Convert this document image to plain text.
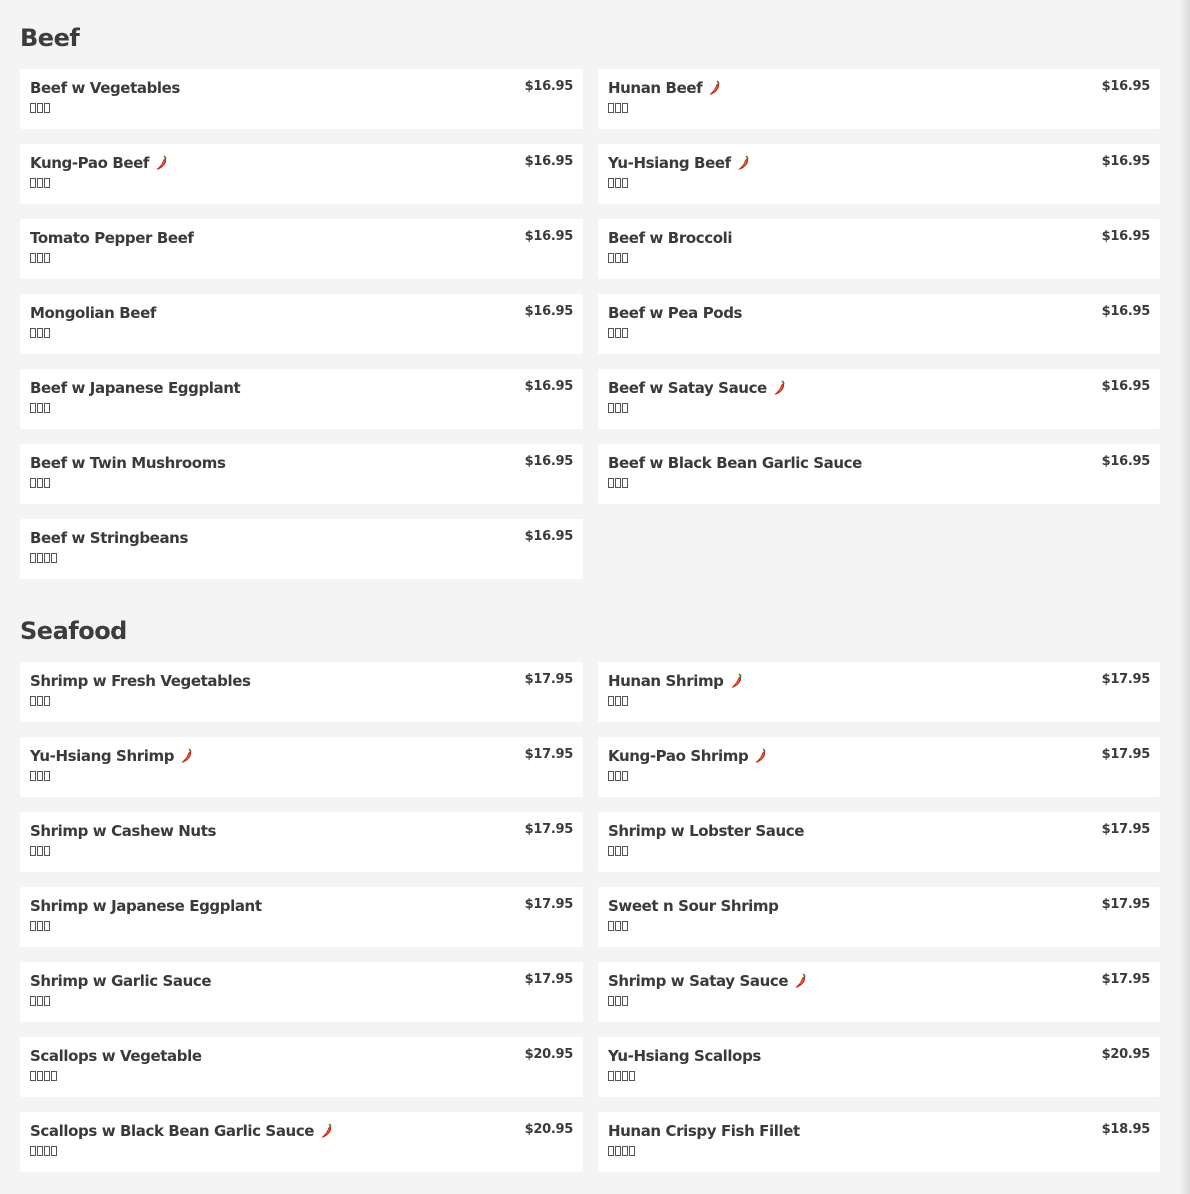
Beef
Beef w Vegetables	$16.95 Hunan Beef	$16.95
Kung-Pao Beef	$16.95 Yu-Hsiang Beef	$16.95
Tomato Pepper Beef	$16.95 Beef w Broccoli	$16.95
Mongolian Beef	$16.95 Beef w Pea Pods	$16.95
Beef w Japanese Eggplant	$16.95 Beef w Satay Sauce	$16.95
Beef w Twin Mushrooms	$16.95 Beef w Black Bean Garlic Sauce	$16.95
Beef w Stringbeans	$16.95
Seafood
Shrimp w Fresh Vegetables	$17.95 Hunan Shrimp	$17.95
Yu-Hsiang Shrimp	$17.95 Kung-Pao Shrimp	$17.95
Shrimp w Cashew Nuts	$17.95 Shrimp w Lobster Sauce	$17.95
Shrimp w Japanese Eggplant	$17.95 Sweet n Sour Shrimp	$17.95
Shrimp w Garlic Sauce	$17.95 Shrimp w Satay Sauce	$17.95
Scallops w Vegetable	$20.95 Yu-Hsiang Scallops	$20.95
Scallops w Black Bean Garlic Sauce	$20.95 Hunan Crispy Fish Fillet	$18.95
